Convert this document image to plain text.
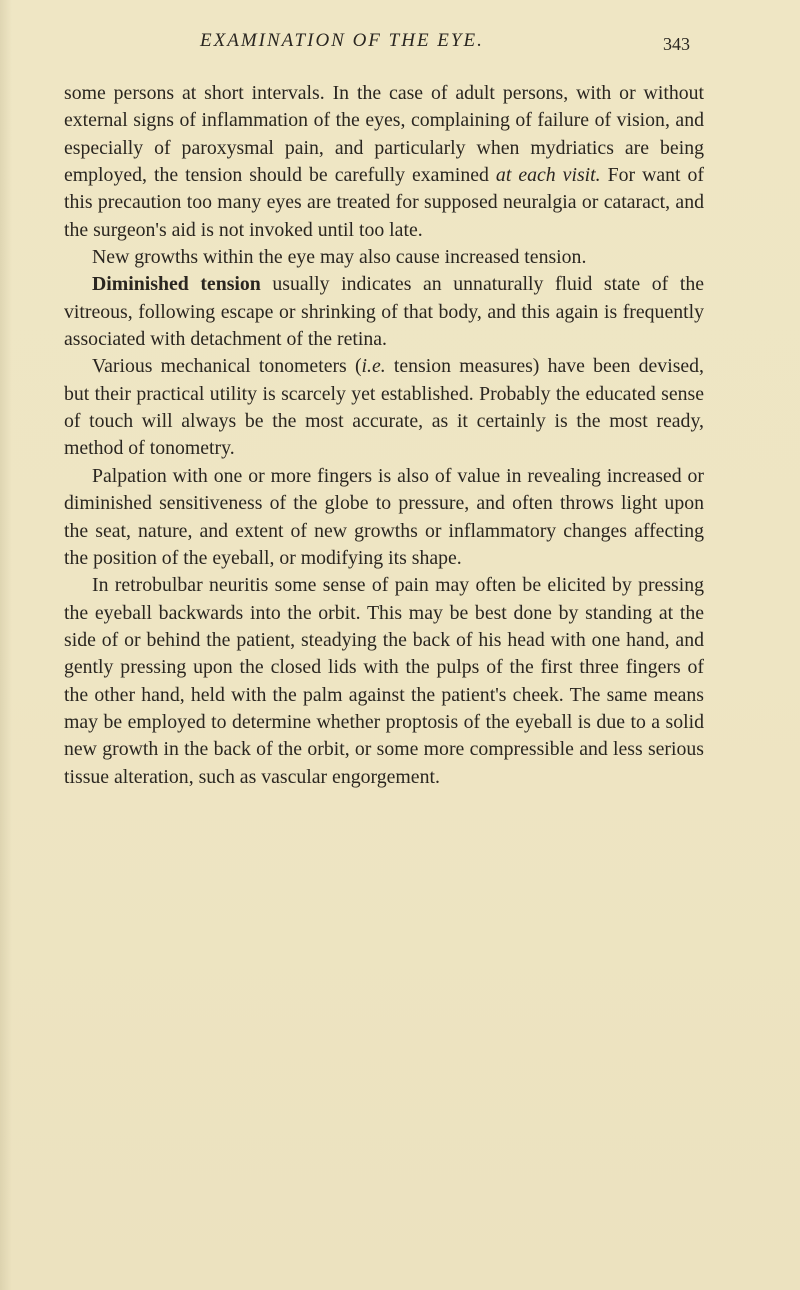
EXAMINATION OF THE EYE.	343

some persons at short intervals. In the case of adult persons, with or without external signs of inflammation of the eyes, complaining of failure of vision, and especially of paroxysmal pain, and particularly when mydriatics are being employed, the tension should be carefully examined at each visit. For want of this precaution too many eyes are treated for supposed neuralgia or cataract, and the surgeon's aid is not invoked until too late.

New growths within the eye may also cause increased tension.

Diminished tension usually indicates an unnaturally fluid state of the vitreous, following escape or shrinking of that body, and this again is frequently associated with detachment of the retina.

Various mechanical tonometers (i.e. tension measures) have been devised, but their practical utility is scarcely yet established. Probably the educated sense of touch will always be the most accurate, as it certainly is the most ready, method of tonometry.

Palpation with one or more fingers is also of value in revealing increased or diminished sensitiveness of the globe to pressure, and often throws light upon the seat, nature, and extent of new growths or inflammatory changes affecting the position of the eyeball, or modifying its shape.

In retrobulbar neuritis some sense of pain may often be elicited by pressing the eyeball backwards into the orbit. This may be best done by standing at the side of or behind the patient, steadying the back of his head with one hand, and gently pressing upon the closed lids with the pulps of the first three fingers of the other hand, held with the palm against the patient's cheek. The same means may be employed to determine whether proptosis of the eyeball is due to a solid new growth in the back of the orbit, or some more compressible and less serious tissue alteration, such as vascular engorgement.
